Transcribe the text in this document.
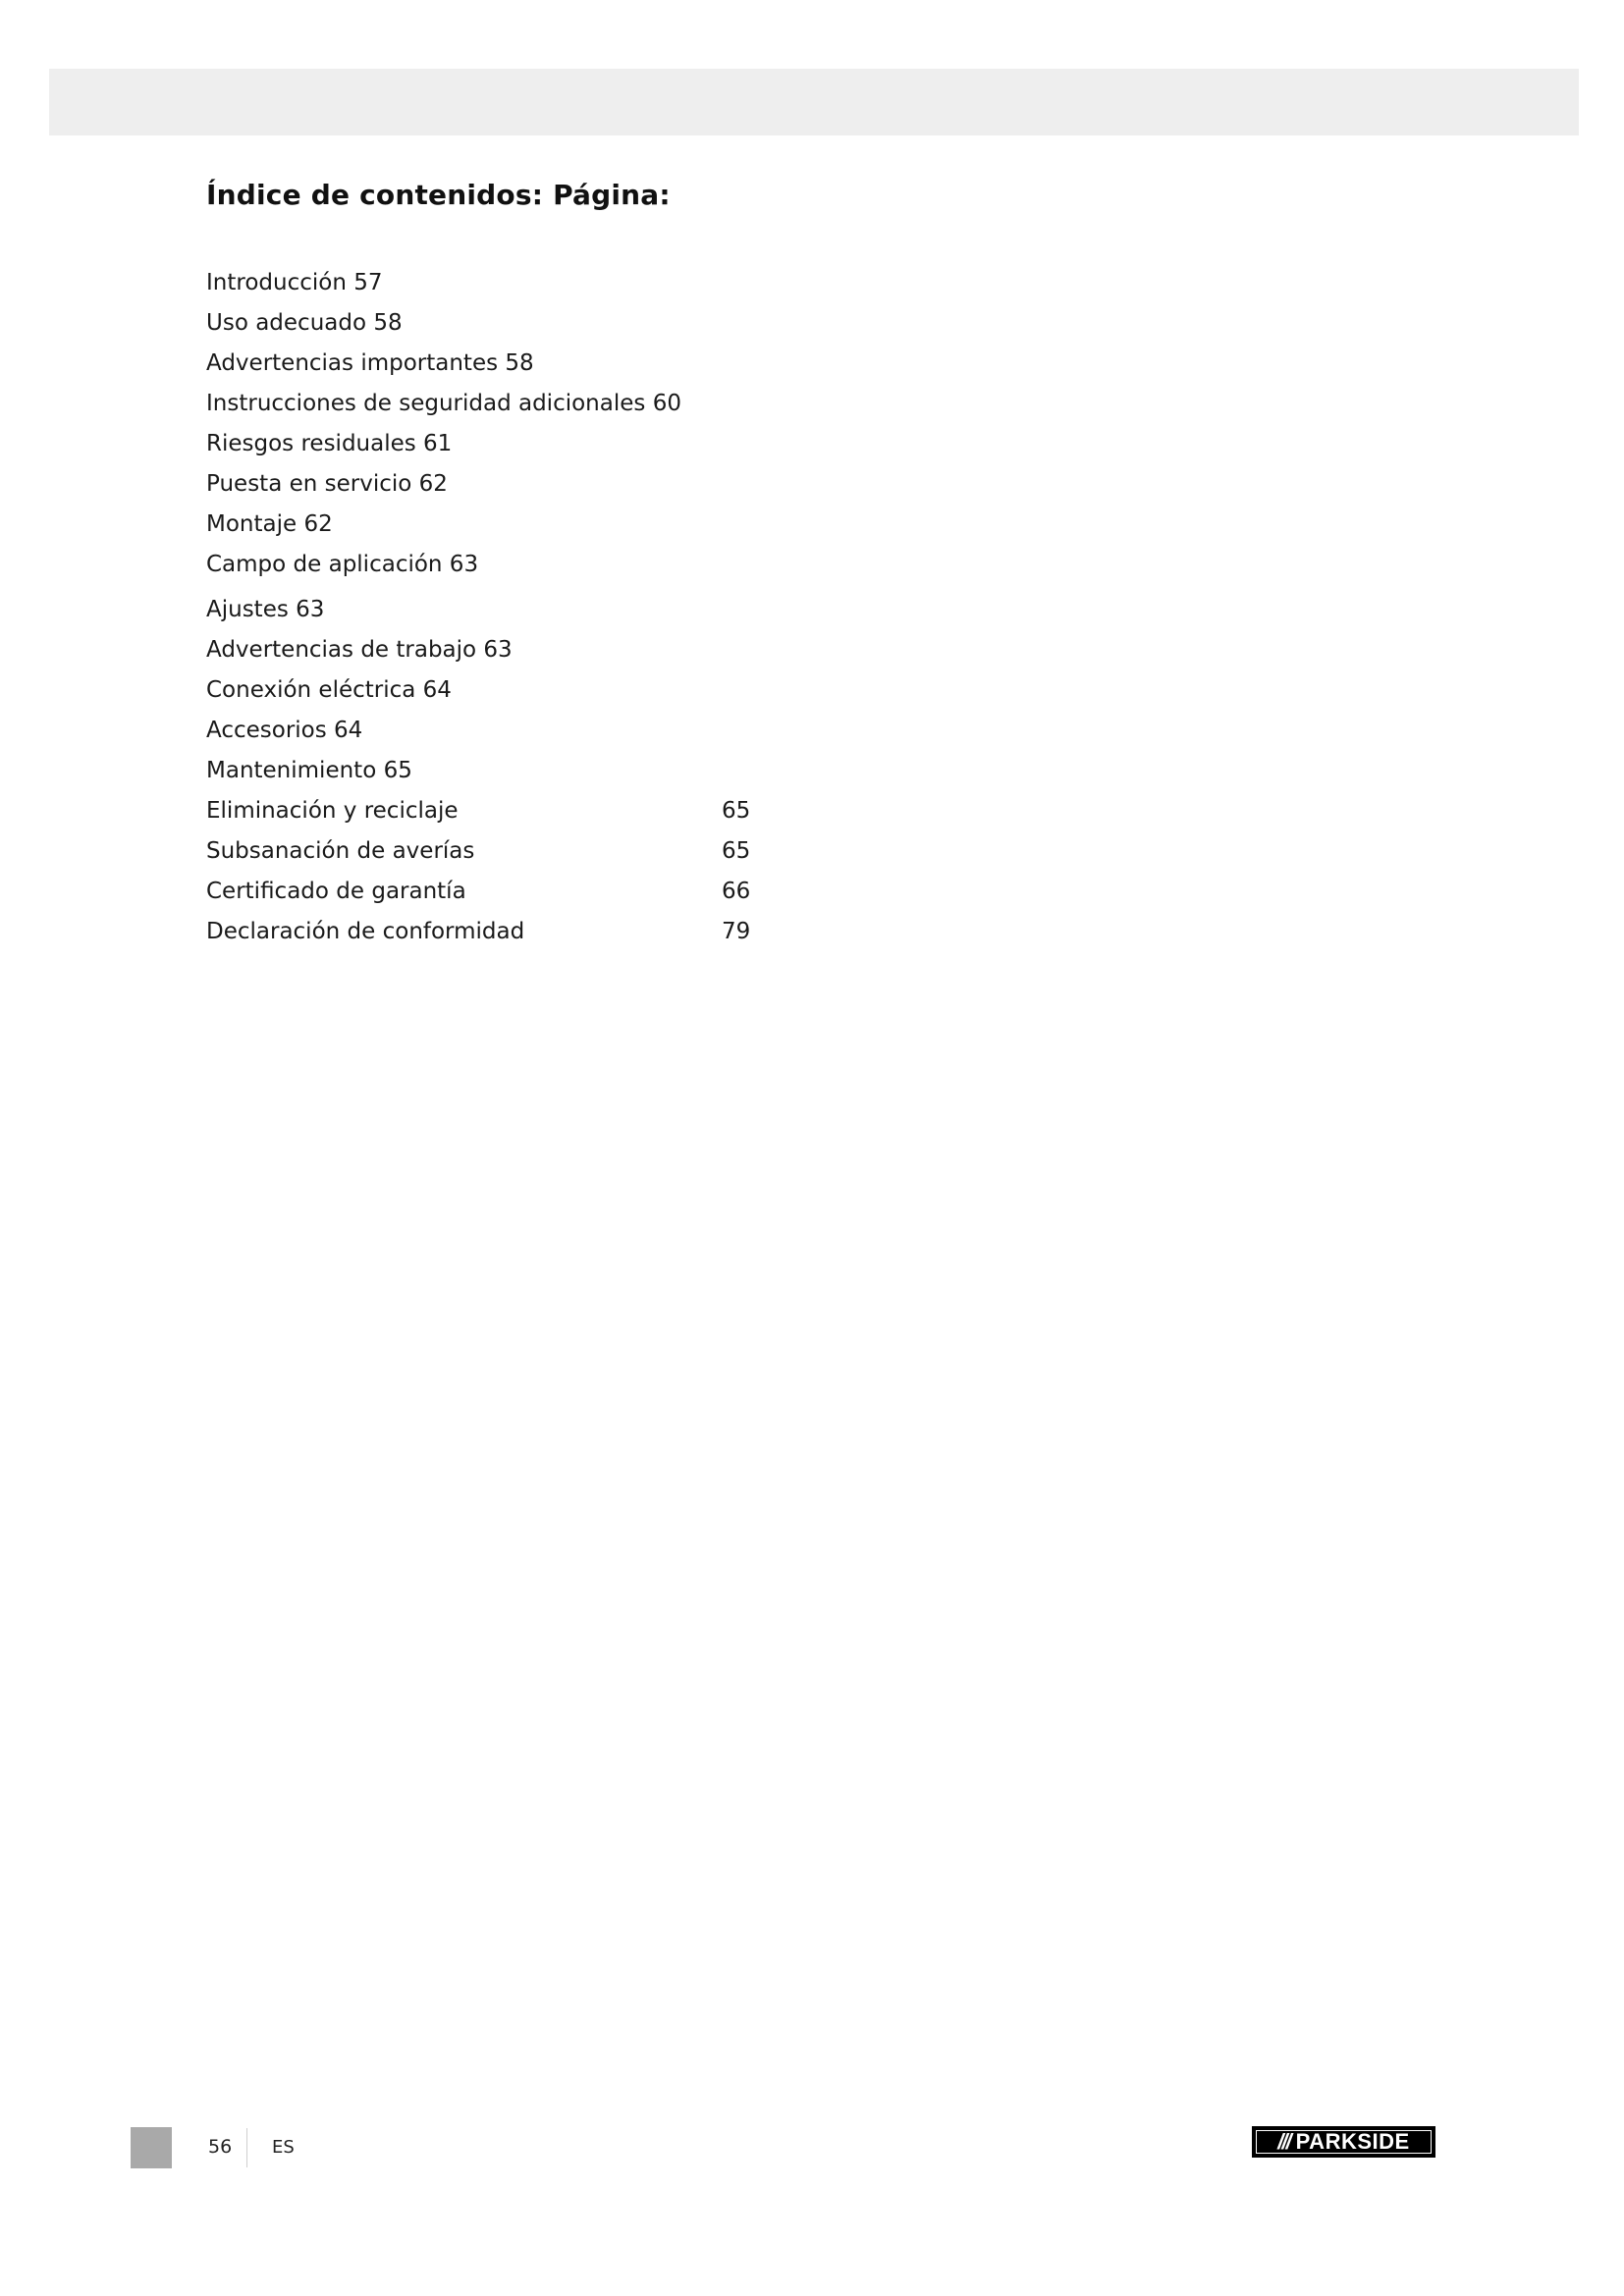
Índice de contenidos: Página:
Introducción 57
Uso adecuado 58
Advertencias importantes 58
Instrucciones de seguridad adicionales 60
Riesgos residuales 61
Puesta en servicio 62
Montaje 62
Campo de aplicación 63
Ajustes 63
Advertencias de trabajo 63
Conexión eléctrica 64
Accesorios 64
Mantenimiento 65
Eliminación y reciclaje	65
Subsanación de averías	65
Certificado de garantía	66
Declaración de conformidad	79
56 ES	/// PARKSIDE
